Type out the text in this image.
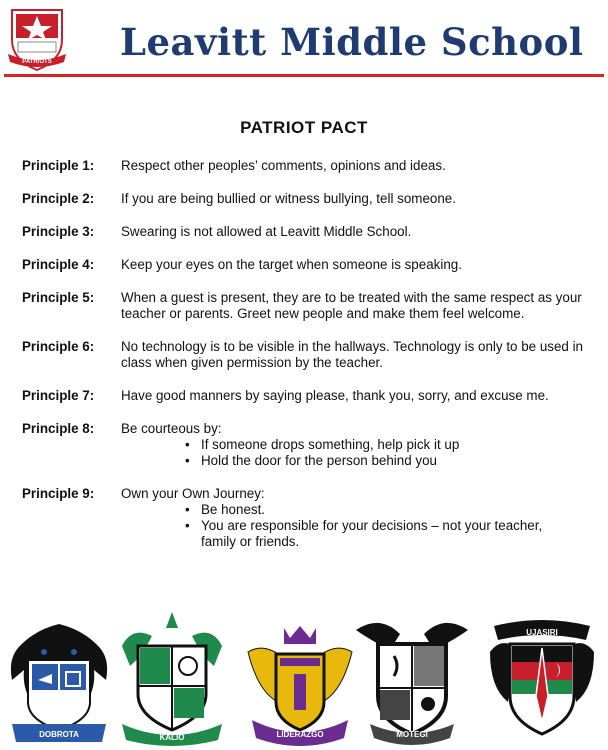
PATRIOTS Leavitt Middle School
PATRIOT PACT
Principle 1:	Respect other peoples’ comments, opinions and ideas.
Principle 2:	If you are being bullied or witness bullying, tell someone.
Principle 3:	Swearing is not allowed at Leavitt Middle School.
Principle 4:	Keep your eyes on the target when someone is speaking.
Principle 5:	When a guest is present, they are to be treated with the same respect as your teacher or parents. Greet new people and make them feel welcome.
Principle 6:	No technology is to be visible in the hallways. Technology is only to be used in class when given permission by the teacher.
Principle 7:	Have good manners by saying please, thank you, sorry, and excuse me.
Principle 8:	Be courteous by:
• If someone drops something, help pick it up
• Hold the door for the person behind you
Principle 9:	Own your Own Journey:
• Be honest.
• You are responsible for your decisions – not your teacher, family or friends.
DOBROTA	KALIO	LIDERAZGO	MOTEGI
UJASIRI
